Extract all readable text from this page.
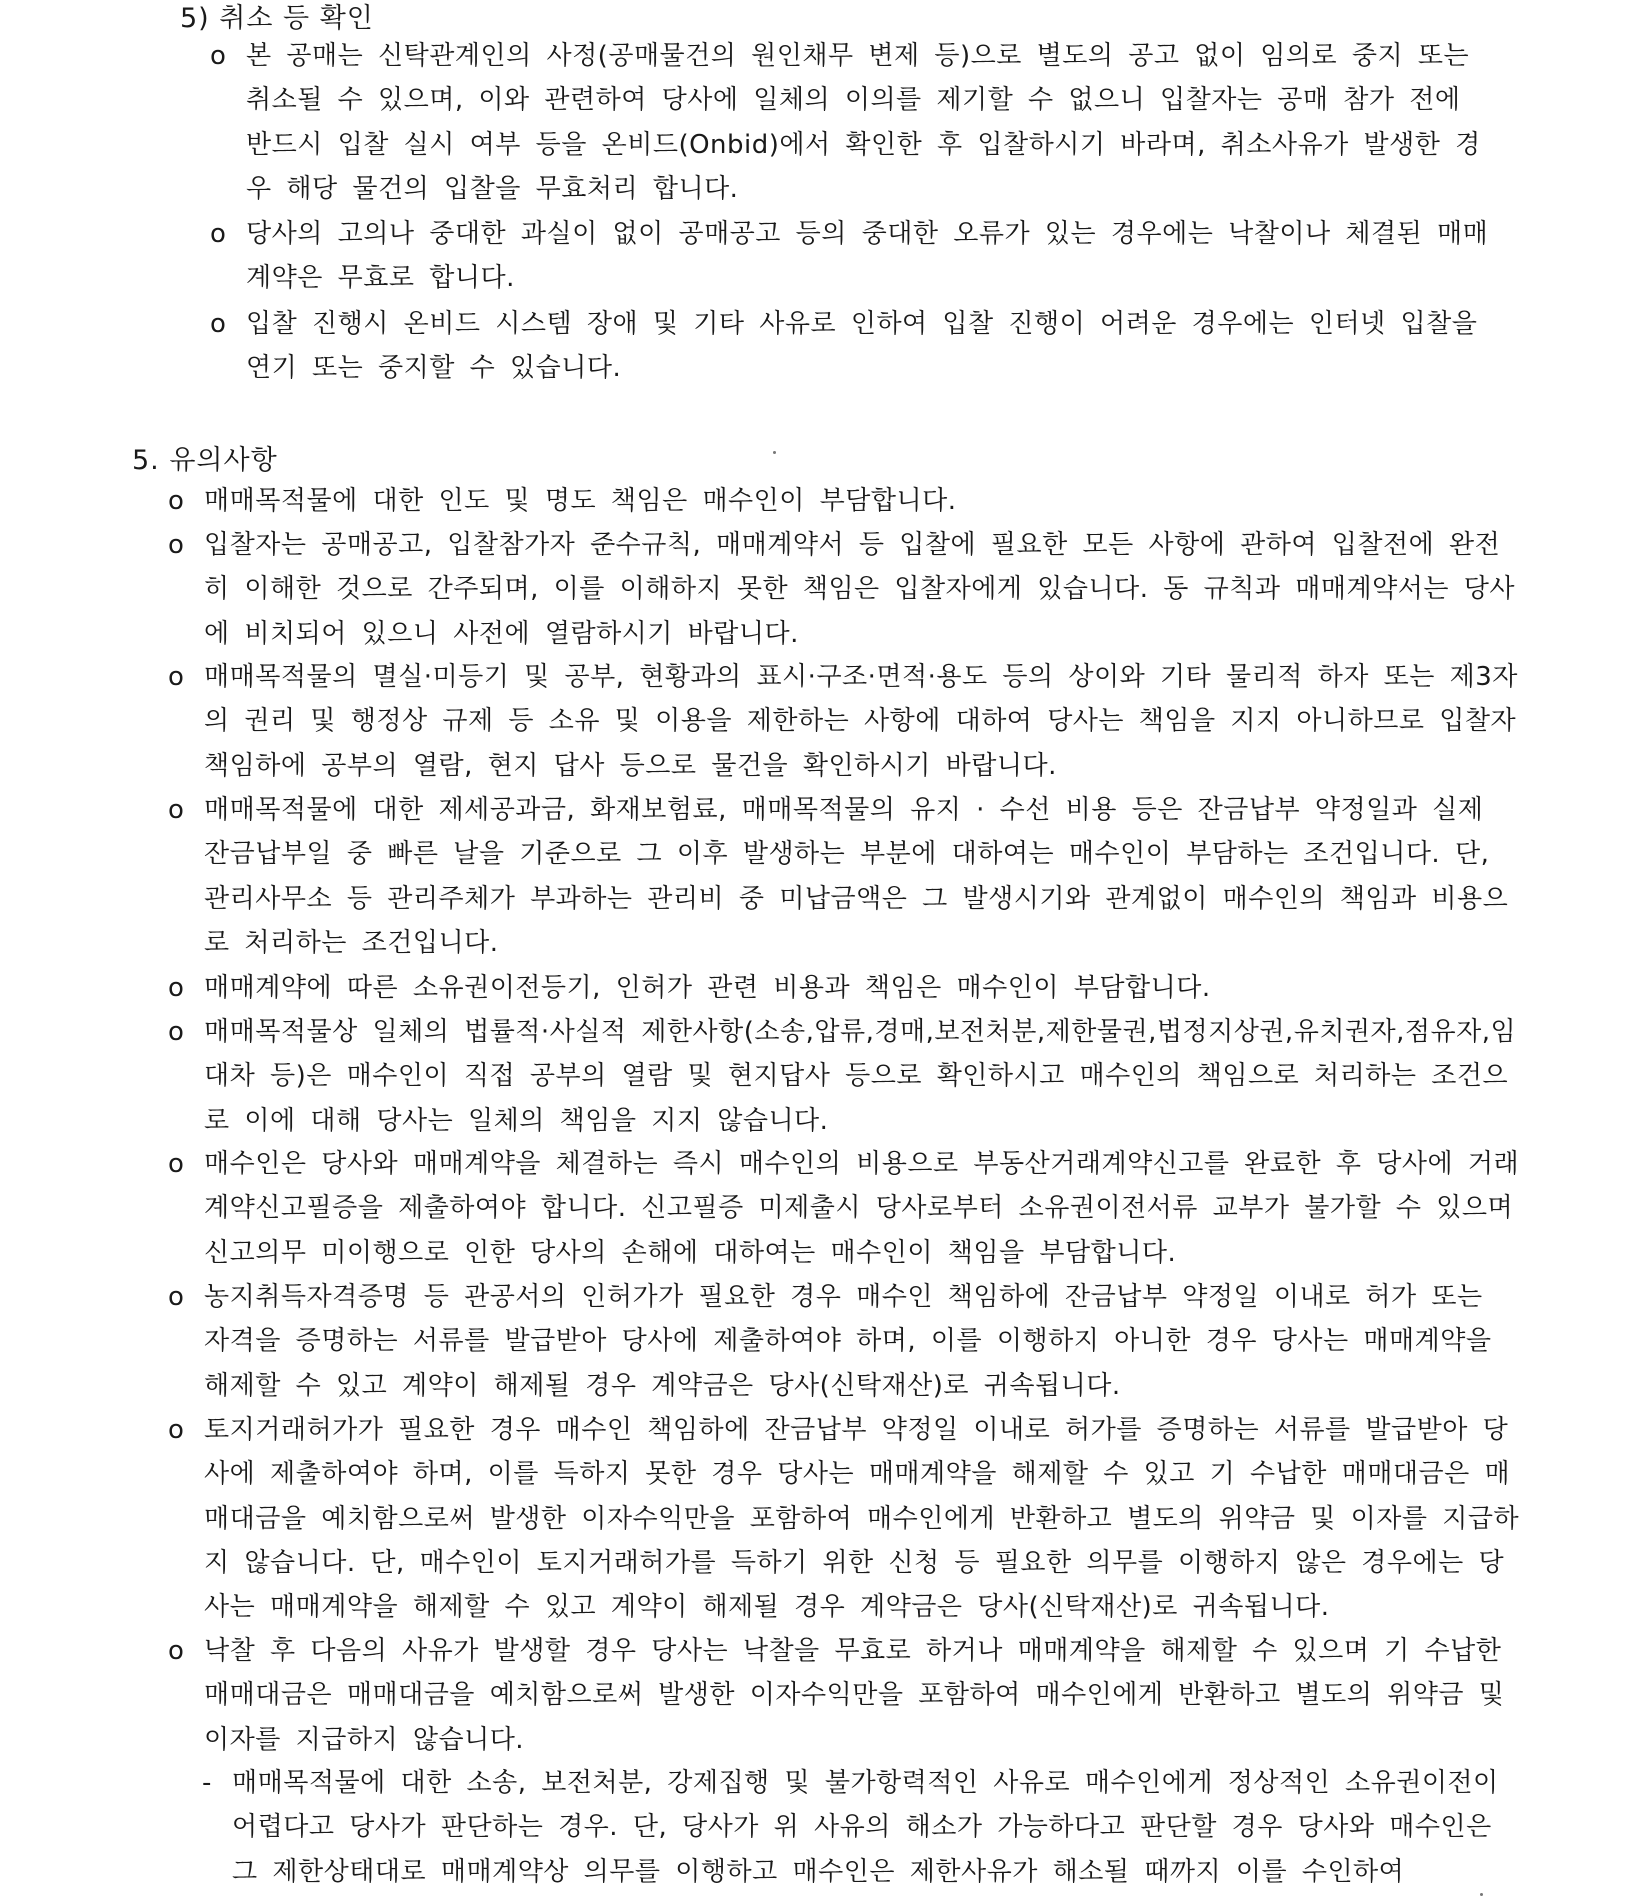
5) 취소 등 확인
o 본 공매는 신탁관계인의 사정(공매물건의 원인채무 변제 등)으로 별도의 공고 없이 임의로 중지 또는 취소될 수 있으며, 이와 관련하여 당사에 일체의 이의를 제기할 수 없으니 입찰자는 공매 참가 전에 반드시 입찰 실시 여부 등을 온비드(Onbid)에서 확인한 후 입찰하시기 바라며, 취소사유가 발생한 경우 해당 물건의 입찰을 무효처리 합니다.
o 당사의 고의나 중대한 과실이 없이 공매공고 등의 중대한 오류가 있는 경우에는 낙찰이나 체결된 매매계약은 무효로 합니다.
o 입찰 진행시 온비드 시스템 장애 및 기타 사유로 인하여 입찰 진행이 어려운 경우에는 인터넷 입찰을 연기 또는 중지할 수 있습니다.
5. 유의사항
o 매매목적물에 대한 인도 및 명도 책임은 매수인이 부담합니다.
o 입찰자는 공매공고, 입찰참가자 준수규칙, 매매계약서 등 입찰에 필요한 모든 사항에 관하여 입찰전에 완전히 이해한 것으로 간주되며, 이를 이해하지 못한 책임은 입찰자에게 있습니다. 동 규칙과 매매계약서는 당사에 비치되어 있으니 사전에 열람하시기 바랍니다.
o 매매목적물의 멸실·미등기 및 공부, 현황과의 표시·구조·면적·용도 등의 상이와 기타 물리적 하자 또는 제3자의 권리 및 행정상 규제 등 소유 및 이용을 제한하는 사항에 대하여 당사는 책임을 지지 아니하므로 입찰자 책임하에 공부의 열람, 현지 답사 등으로 물건을 확인하시기 바랍니다.
o 매매목적물에 대한 제세공과금, 화재보험료, 매매목적물의 유지 · 수선 비용 등은 잔금납부 약정일과 실제 잔금납부일 중 빠른 날을 기준으로 그 이후 발생하는 부분에 대하여는 매수인이 부담하는 조건입니다. 단, 관리사무소 등 관리주체가 부과하는 관리비 중 미납금액은 그 발생시기와 관계없이 매수인의 책임과 비용으로 처리하는 조건입니다.
o 매매계약에 따른 소유권이전등기, 인허가 관련 비용과 책임은 매수인이 부담합니다.
o 매매목적물상 일체의 법률적·사실적 제한사항(소송,압류,경매,보전처분,제한물권,법정지상권,유치권자,점유자,임대차 등)은 매수인이 직접 공부의 열람 및 현지답사 등으로 확인하시고 매수인의 책임으로 처리하는 조건으로 이에 대해 당사는 일체의 책임을 지지 않습니다.
o 매수인은 당사와 매매계약을 체결하는 즉시 매수인의 비용으로 부동산거래계약신고를 완료한 후 당사에 거래계약신고필증을 제출하여야 합니다. 신고필증 미제출시 당사로부터 소유권이전서류 교부가 불가할 수 있으며 신고의무 미이행으로 인한 당사의 손해에 대하여는 매수인이 책임을 부담합니다.
o 농지취득자격증명 등 관공서의 인허가가 필요한 경우 매수인 책임하에 잔금납부 약정일 이내로 허가 또는 자격을 증명하는 서류를 발급받아 당사에 제출하여야 하며, 이를 이행하지 아니한 경우 당사는 매매계약을 해제할 수 있고 계약이 해제될 경우 계약금은 당사(신탁재산)로 귀속됩니다.
o 토지거래허가가 필요한 경우 매수인 책임하에 잔금납부 약정일 이내로 허가를 증명하는 서류를 발급받아 당사에 제출하여야 하며, 이를 득하지 못한 경우 당사는 매매계약을 해제할 수 있고 기 수납한 매매대금은 매매대금을 예치함으로써 발생한 이자수익만을 포함하여 매수인에게 반환하고 별도의 위약금 및 이자를 지급하지 않습니다. 단, 매수인이 토지거래허가를 득하기 위한 신청 등 필요한 의무를 이행하지 않은 경우에는 당사는 매매계약을 해제할 수 있고 계약이 해제될 경우 계약금은 당사(신탁재산)로 귀속됩니다.
o 낙찰 후 다음의 사유가 발생할 경우 당사는 낙찰을 무효로 하거나 매매계약을 해제할 수 있으며 기 수납한 매매대금은 매매대금을 예치함으로써 발생한 이자수익만을 포함하여 매수인에게 반환하고 별도의 위약금 및 이자를 지급하지 않습니다.
- 매매목적물에 대한 소송, 보전처분, 강제집행 및 불가항력적인 사유로 매수인에게 정상적인 소유권이전이 어렵다고 당사가 판단하는 경우. 단, 당사가 위 사유의 해소가 가능하다고 판단할 경우 당사와 매수인은 그 제한상태대로 매매계약상 의무를 이행하고 매수인은 제한사유가 해소될 때까지 이를 수인하여
